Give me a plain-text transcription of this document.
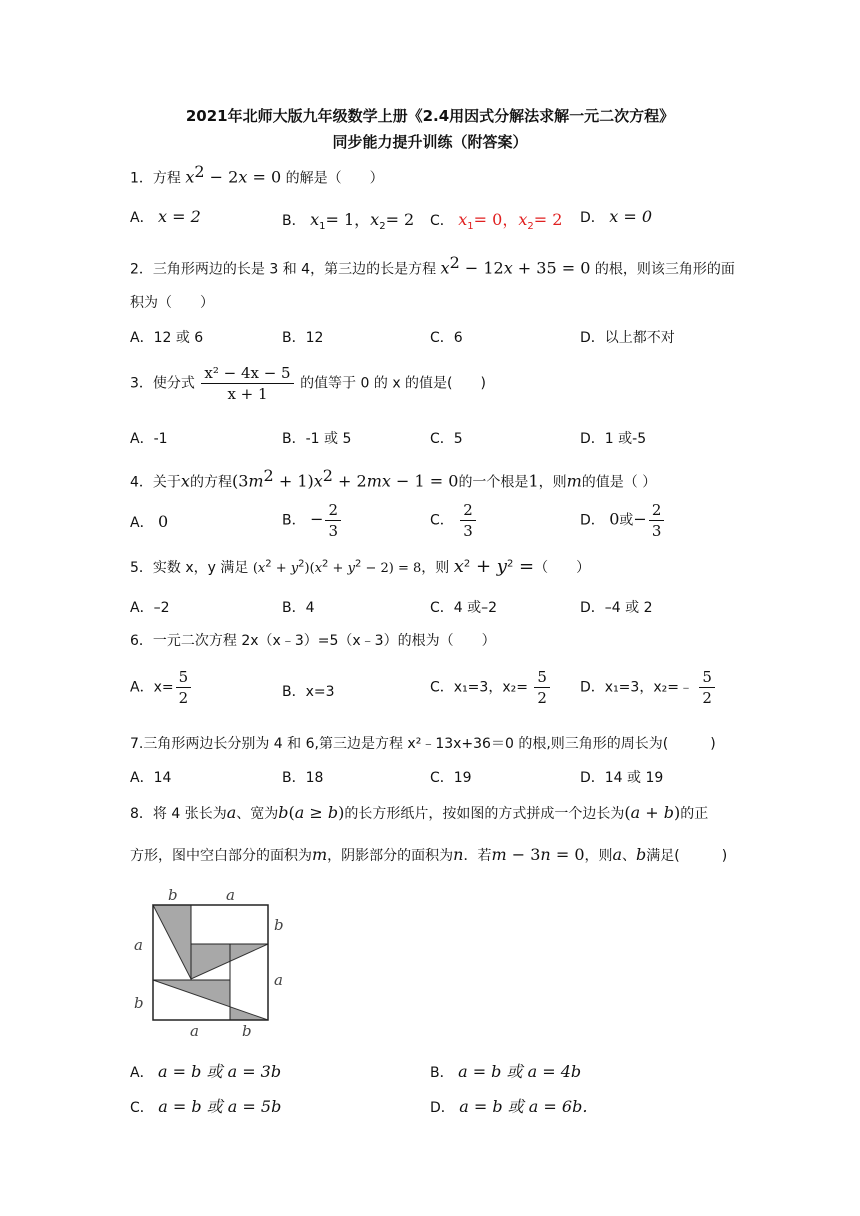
2021年北师大版九年级数学上册《2.4用因式分解法求解一元二次方程》
同步能力提升训练（附答案）
1．方程 $x^2 - 2x = 0$ 的解是（　　）
A． x = 2	B． $x_1= 1$，$x_2= 2$ C． $x_1= 0$，$x_2= 2$ D． x = 0
2．三角形两边的长是 3 和 4，第三边的长是方程 $x^2 - 12x + 35 = 0$ 的根，则该三角形的面
积为（　　）
A．12 或 6	B．12	C．6	D．以上都不对
3．使分式 $\frac{\text{x² − 4x − 5}}{x + 1}$ 的值等于 0 的 x 的值是(　　)
A．-1	B．-1 或 5	C．5	D．1 或-5
4．关于x的方程$(3m^2 + 1)x^2 + 2mx - 1 = 0$的一个根是1，则m的值是（ ）
A． 0	B． − $\frac{2}{3}$	C． $\frac{2}{3}$	D． 0或− $\frac{2}{3}$
5．实数 x，y 满足 $(x^2 + y^2)(x^2 + y^2 - 2) = 8$，则 $x^2 + y^2$ =（　　）
A．–2	B．4	C．4 或–2	D．–4 或 2
6．一元二次方程 2x（x﹣3）=5（x﹣3）的根为（　　）
A．$x= \frac{5}{2}$	B．x=3	C．x₁=3，$x_2= \frac{5}{2}$ D．x₁=3，x₂=﹣ $\frac{5}{2}$
7.三角形两边长分别为 4 和 6,第三边是方程 x²﹣13x+36＝0 的根,则三角形的周长为(　　　)
A．14	B．18	C．19	D．14 或 19
8．将 4 张长为a、宽为b(a ≥ b)的长方形纸片，按如图的方式拼成一个边长为(a + b)的正
方形，图中空白部分的面积为m，阴影部分的面积为n．若m − 3n = 0，则a、b满足(　　　)
b	a
a
b
b
a
a	b
A． a = b 或 a = 3b	B． a = b 或 a = 4b
C． a = b 或 a = 5b	D． a = b 或 a = 6b．
